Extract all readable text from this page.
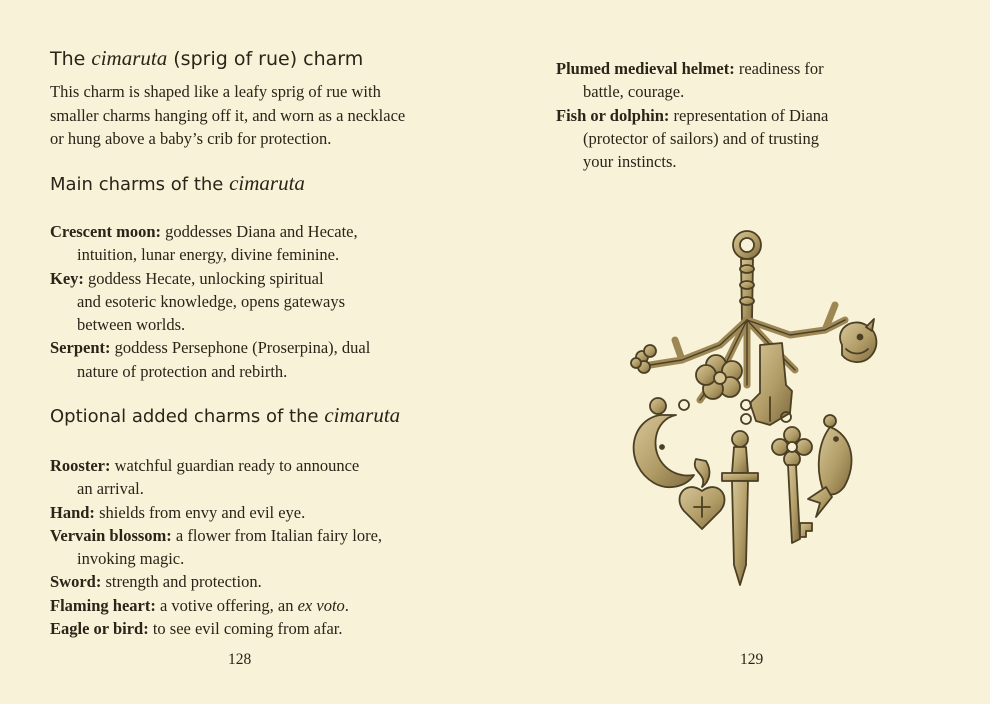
The cimaruta (sprig of rue) charm

This charm is shaped like a leafy sprig of rue with
smaller charms hanging off it, and worn as a necklace
or hung above a baby’s crib for protection.

Main charms of the cimaruta
Crescent moon: goddesses Diana and Hecate,
intuition, lunar energy, divine feminine.
Key: goddess Hecate, unlocking spiritual
and esoteric knowledge, opens gateways
between worlds.
Serpent: goddess Persephone (Proserpina), dual
nature of protection and rebirth.
Optional added charms of the cimaruta
Rooster: watchful guardian ready to announce
an arrival.
Hand: shields from envy and evil eye.
Vervain blossom: a flower from Italian fairy lore,
invoking magic.
Sword: strength and protection.
Flaming heart: a votive offering, an ex voto.
Eagle or bird: to see evil coming from afar.
128
Plumed medieval helmet: readiness for
battle, courage.
Fish or dolphin: representation of Diana
(protector of sailors) and of trusting
your instincts.
129
